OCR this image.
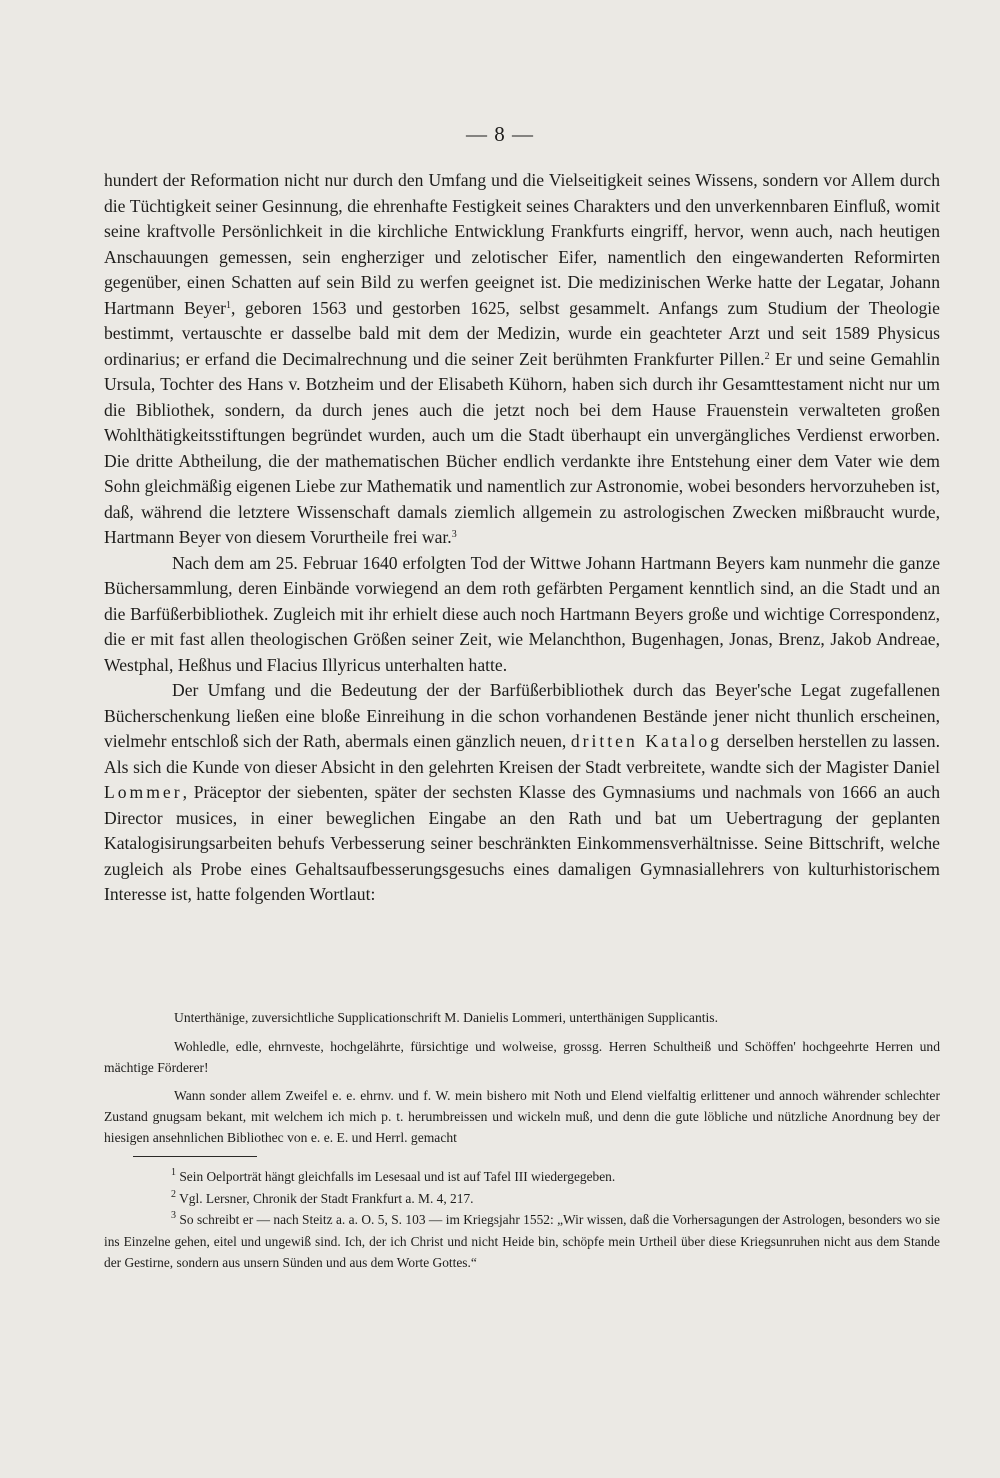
— 8 —

hundert der Reformation nicht nur durch den Umfang und die Vielseitigkeit seines Wissens, sondern vor Allem durch die Tüchtigkeit seiner Gesinnung, die ehrenhafte Festigkeit seines Charakters und den unverkennbaren Einfluß, womit seine kraftvolle Persönlichkeit in die kirchliche Entwicklung Frankfurts eingriff, hervor, wenn auch, nach heutigen Anschauungen gemessen, sein engherziger und zelotischer Eifer, namentlich den eingewanderten Reformirten gegenüber, einen Schatten auf sein Bild zu werfen geeignet ist. Die medizinischen Werke hatte der Legatar, Johann Hartmann Beyer$^1$, geboren 1563 und gestorben 1625, selbst gesammelt. Anfangs zum Studium der Theologie bestimmt, vertauschte er dasselbe bald mit dem der Medizin, wurde ein geachteter Arzt und seit 1589 Physicus ordinarius; er erfand die Decimalrechnung und die seiner Zeit berühmten Frankfurter Pillen.$^2$ Er und seine Gemahlin Ursula, Tochter des Hans v. Botzheim und der Elisabeth Kühorn, haben sich durch ihr Gesamttestament nicht nur um die Bibliothek, sondern, da durch jenes auch die jetzt noch bei dem Hause Frauenstein verwalteten großen Wohlthätigkeitsstiftungen begründet wurden, auch um die Stadt überhaupt ein unvergängliches Verdienst erworben. Die dritte Abtheilung, die der mathematischen Bücher endlich verdankte ihre Entstehung einer dem Vater wie dem Sohn gleichmäßig eigenen Liebe zur Mathematik und namentlich zur Astronomie, wobei besonders hervorzuheben ist, daß, während die letztere Wissenschaft damals ziemlich allgemein zu astrologischen Zwecken mißbraucht wurde, Hartmann Beyer von diesem Vorurtheile frei war.$^3$

Nach dem am 25. Februar 1640 erfolgten Tod der Wittwe Johann Hartmann Beyers kam nunmehr die ganze Büchersammlung, deren Einbände vorwiegend an dem roth gefärbten Pergament kenntlich sind, an die Stadt und an die Barfüßerbibliothek. Zugleich mit ihr erhielt diese auch noch Hartmann Beyers große und wichtige Correspondenz, die er mit fast allen theologischen Größen seiner Zeit, wie Melanchthon, Bugenhagen, Jonas, Brenz, Jakob Andreae, Westphal, Heßhus und Flacius Illyricus unterhalten hatte.

Der Umfang und die Bedeutung der der Barfüßerbibliothek durch das Beyer'sche Legat zugefallenen Bücherschenkung ließen eine bloße Einreihung in die schon vorhandenen Bestände jener nicht thunlich erscheinen, vielmehr entschloß sich der Rath, abermals einen gänzlich neuen, dritten Katalog derselben herstellen zu lassen. Als sich die Kunde von dieser Absicht in den gelehrten Kreisen der Stadt verbreitete, wandte sich der Magister Daniel Lommer, Präceptor der siebenten, später der sechsten Klasse des Gymnasiums und nachmals von 1666 an auch Director musices, in einer beweglichen Eingabe an den Rath und bat um Uebertragung der geplanten Katalogisirungsarbeiten behufs Verbesserung seiner beschränkten Einkommensverhältnisse. Seine Bittschrift, welche zugleich als Probe eines Gehaltsaufbesserungsgesuchs eines damaligen Gymnasiallehrers von kulturhistorischem Interesse ist, hatte folgenden Wortlaut:

Unterthänige, zuversichtliche Supplicationschrift M. Danielis Lommeri, unterthänigen Supplicantis.

Wohledle, edle, ehrnveste, hochgelährte, fürsichtige und wolweise, grossg. Herren Schultheiß und Schöffen' hochgeehrte Herren und mächtige Förderer!

Wann sonder allem Zweifel e. e. ehrnv. und f. W. mein bishero mit Noth und Elend vielfaltig erlittener und annoch währender schlechter Zustand gnugsam bekant, mit welchem ich mich p. t. herumbreissen und wickeln muß, und denn die gute löbliche und nützliche Anordnung bey der hiesigen ansehnlichen Bibliothec von e. e. E. und Herrl. gemacht

$^1$ Sein Oelporträt hängt gleichfalls im Lesesaal und ist auf Tafel III wiedergegeben.

$^2$ Vgl. Lersner, Chronik der Stadt Frankfurt a. M. 4, 217.

$^3$ So schreibt er — nach Steitz a. a. O. 5, S. 103 — im Kriegsjahr 1552: „Wir wissen, daß die Vorhersagungen der Astrologen, besonders wo sie ins Einzelne gehen, eitel und ungewiß sind. Ich, der ich Christ und nicht Heide bin, schöpfe mein Urtheil über diese Kriegsunruhen nicht aus dem Stande der Gestirne, sondern aus unsern Sünden und aus dem Worte Gottes.“
